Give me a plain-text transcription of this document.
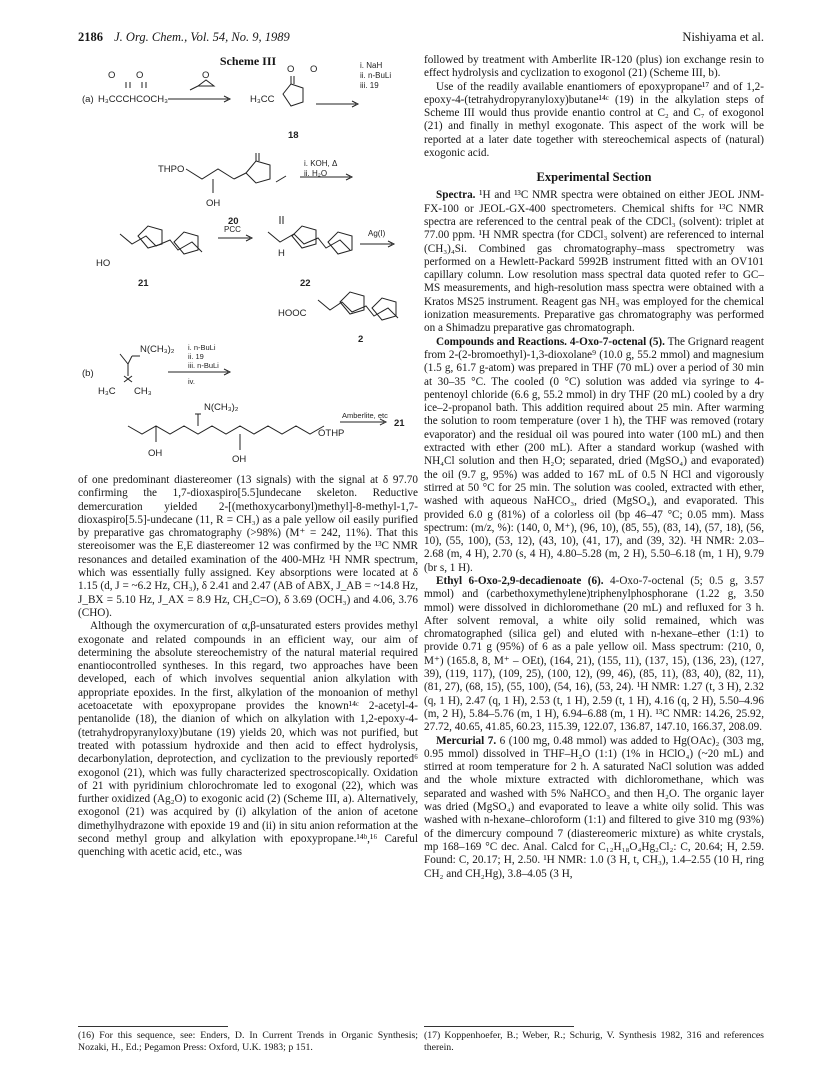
2186 J. Org. Chem., Vol. 54, No. 9, 1989	Nishiyama et al.
Scheme III
(a) H₃CCCHCOCH₃
O O	O
H₃CC
O O	i. NaH
ii. n-BuLi
iii. 19
18
THPO
OH
i. KOH, Δ
ii. H₂O
20
HO
PCC
21
H
22
Ag(I)
HOOC
2
(b)
N(CH₃)₂
H₃C CH₃
i. n-BuLi
ii. 19
iii. n-BuLi
iv.
N(CH₃)₂
OTHP
Amberlite, etc
21
OH
OH

of one predominant diastereomer (13 signals) with the signal at δ 97.70 confirming the 1,7-dioxaspiro[5.5]undecane skeleton. Reductive demercuration yielded 2-[(methoxycarbonyl)methyl]-8-methyl-1,7-dioxaspiro[5.5]-undecane (11, R = CH₃) as a pale yellow oil easily purified by preparative gas chromatography (>98%) (M⁺ = 242, 11%). That this stereoisomer was the E,E diastereomer 12 was confirmed by the ¹³C NMR resonances and detailed examination of the 400-MHz ¹H NMR spectrum, which was essentially fully assigned. Key absorptions were located at δ 1.15 (d, J = ~6.2 Hz, CH₃), δ 2.41 and 2.47 (AB of ABX, J_AB = ~14.8 Hz, J_BX = 5.10 Hz, J_AX = 8.9 Hz, CH₂C=O), δ 3.69 (OCH₃) and 4.06, 3.76 (CHO).

Although the oxymercuration of α,β-unsaturated esters provides methyl exogonate and related compounds in an efficient way, our aim of determining the absolute stereochemistry of the natural material required enantiocontrolled syntheses. In this regard, two approaches have been developed, each of which involves sequential anion alkylation with appropriate epoxides. In the first, alkylation of the monoanion of methyl acetoacetate with epoxypropane provides the known¹⁴ᶜ 2-acetyl-4-pentanolide (18), the dianion of which on alkylation with 1,2-epoxy-4-(tetrahydropyranyloxy)butane (19) yields 20, which was not purified, but treated with potassium hydroxide and then acid to effect hydrolysis, decarbonylation, deprotection, and cyclization to the previously reported⁶ exogonol (21), which was fully characterized spectroscopically. Oxidation of 21 with pyridinium chlorochromate led to exogonal (22), which was further oxidized (Ag₂O) to exogonic acid (2) (Scheme III, a). Alternatively, exogonol (21) was acquired by (i) alkylation of the anion of acetone dimethylhydrazone with epoxide 19 and (ii) in situ anion reformation at the second methyl group and alkylation with epoxypropane.¹⁴ᵇ,¹⁶ Careful quenching with acetic acid, etc., was

followed by treatment with Amberlite IR-120 (plus) ion exchange resin to effect hydrolysis and cyclization to exogonol (21) (Scheme III, b).

Use of the readily available enantiomers of epoxypropane¹⁷ and of 1,2-epoxy-4-(tetrahydropyranyloxy)butane¹⁴ᶜ (19) in the alkylation steps of Scheme III would thus provide enantio control at C₂ and C₇ of exogonol (21) and finally in methyl exogonate. This aspect of the work will be reported at a later date together with stereochemical aspects of (natural) exogonic acid.

Experimental Section

Spectra. ¹H and ¹³C NMR spectra were obtained on either JEOL JNM-FX-100 or JEOL-GX-400 spectrometers. Chemical shifts for ¹³C NMR spectra are referenced to the central peak of the CDCl₃ (solvent): triplet at 77.00 ppm. ¹H NMR spectra (for CDCl₃ solvent) are referenced to internal (CH₃)₄Si. Combined gas chromatography–mass spectrometry was performed on a Hewlett-Packard 5992B instrument fitted with an OV101 capillary column. Low resolution mass spectral data quoted refer to GC–MS measurements, and high-resolution mass spectra were obtained with a Kratos MS25 instrument. Reagent gas NH₃ was employed for the chemical ionization measurements. Preparative gas chromatography was performed on a Shimadzu preparative gas chromatograph.

Compounds and Reactions. 4-Oxo-7-octenal (5). The Grignard reagent from 2-(2-bromoethyl)-1,3-dioxolane⁹ (10.0 g, 55.2 mmol) and magnesium (1.5 g, 61.7 g-atom) was prepared in THF (70 mL) over a period of 30 min at 30–35 °C. The cooled (0 °C) solution was added via syringe to 4-pentenoyl chloride (6.6 g, 55.2 mmol) in dry THF (20 mL) cooled by a dry ice–2-propanol bath. This addition required about 25 min. After warming the solution to room temperature (over 1 h), the THF was removed (rotary evaporator) and the residual oil was poured into water (100 mL) and then extracted with ether (200 mL). After a standard workup (washed with NH₄Cl solution and then H₂O; separated, dried (MgSO₄) and evaporated) the oil (9.7 g, 95%) was added to 167 mL of 0.5 N HCl and vigorously stirred at 50 °C for 25 min. The solution was cooled, extracted with ether, washed with aqueous NaHCO₃, dried (MgSO₄), and evaporated. This provided 6.0 g (81%) of a colorless oil (bp 46–47 °C; 0.05 mm). Mass spectrum: (m/z, %): (140, 0, M⁺), (96, 10), (85, 55), (83, 14), (57, 18), (56, 10), (55, 100), (53, 12), (43, 10), (41, 17), and (39, 32). ¹H NMR: 2.03–2.68 (m, 4 H), 2.70 (s, 4 H), 4.80–5.28 (m, 2 H), 5.50–6.18 (m, 1 H), 9.79 (br s, 1 H).

Ethyl 6-Oxo-2,9-decadienoate (6). 4-Oxo-7-octenal (5; 0.5 g, 3.57 mmol) and (carbethoxymethylene)triphenylphosphorane (1.22 g, 3.50 mmol) were dissolved in dichloromethane (20 mL) and refluxed for 3 h. After solvent removal, a white oily solid remained, which was chromatographed (silica gel) and eluted with n-hexane–ether (1:1) to provide 0.71 g (95%) of 6 as a pale yellow oil. Mass spectrum: (210, 0, M⁺) (165.8, 8, M⁺ – OEt), (164, 21), (155, 11), (137, 15), (136, 23), (127, 39), (119, 117), (109, 25), (100, 12), (99, 46), (85, 11), (83, 40), (82, 11), (81, 27), (68, 15), (55, 100), (54, 16), (53, 24). ¹H NMR: 1.27 (t, 3 H), 2.32 (q, 1 H), 2.47 (q, 1 H), 2.53 (t, 1 H), 2.59 (t, 1 H), 4.16 (q, 2 H), 5.50–4.96 (m, 2 H), 5.84–5.76 (m, 1 H), 6.94–6.88 (m, 1 H). ¹³C NMR: 14.26, 25.92, 27.72, 40.65, 41.85, 60.23, 115.39, 122.07, 136.87, 147.10, 166.37, 208.09.

Mercurial 7. 6 (100 mg, 0.48 mmol) was added to Hg(OAc)₂ (303 mg, 0.95 mmol) dissolved in THF–H₂O (1:1) (1% in HClO₄) (~20 mL) and stirred at room temperature for 2 h. A saturated NaCl solution was added and the whole mixture extracted with dichloromethane, which was separated and washed with 5% NaHCO₃ and then H₂O. The organic layer was dried (MgSO₄) and evaporated to leave a white oily solid. This was washed with n-hexane–chloroform (1:1) and filtered to give 310 mg (93%) of the dimercury compound 7 (diastereomeric mixture) as white crystals, mp 168–169 °C dec. Anal. Calcd for C₁₂H₁₈O₄Hg₂Cl₂: C, 20.64; H, 2.59. Found: C, 20.17; H, 2.50. ¹H NMR: 1.0 (3 H, t, CH₃), 1.4–2.55 (10 H, ring CH₂ and CH₂Hg), 3.8–4.05 (3 H,

(16) For this sequence, see: Enders, D. In Current Trends in Organic Synthesis; Nozaki, H., Ed.; Pegamon Press: Oxford, U.K. 1983; p 151.
(17) Koppenhoefer, B.; Weber, R.; Schurig, V. Synthesis 1982, 316 and references therein.
